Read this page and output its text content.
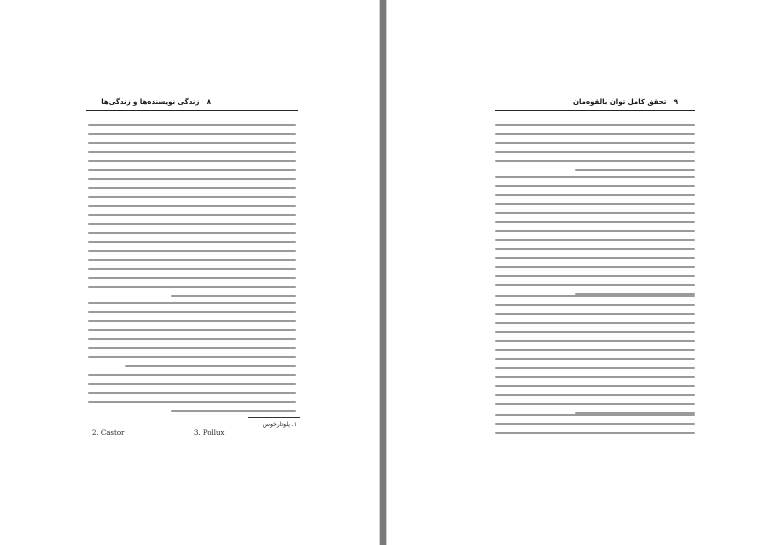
۸   زندگی نویسنده‌ها و زندگی‌ها
۱. پلوتارخوس
2. Castor	3. Pollux
۹   تحقق کامل توان بالقوه‌مان
